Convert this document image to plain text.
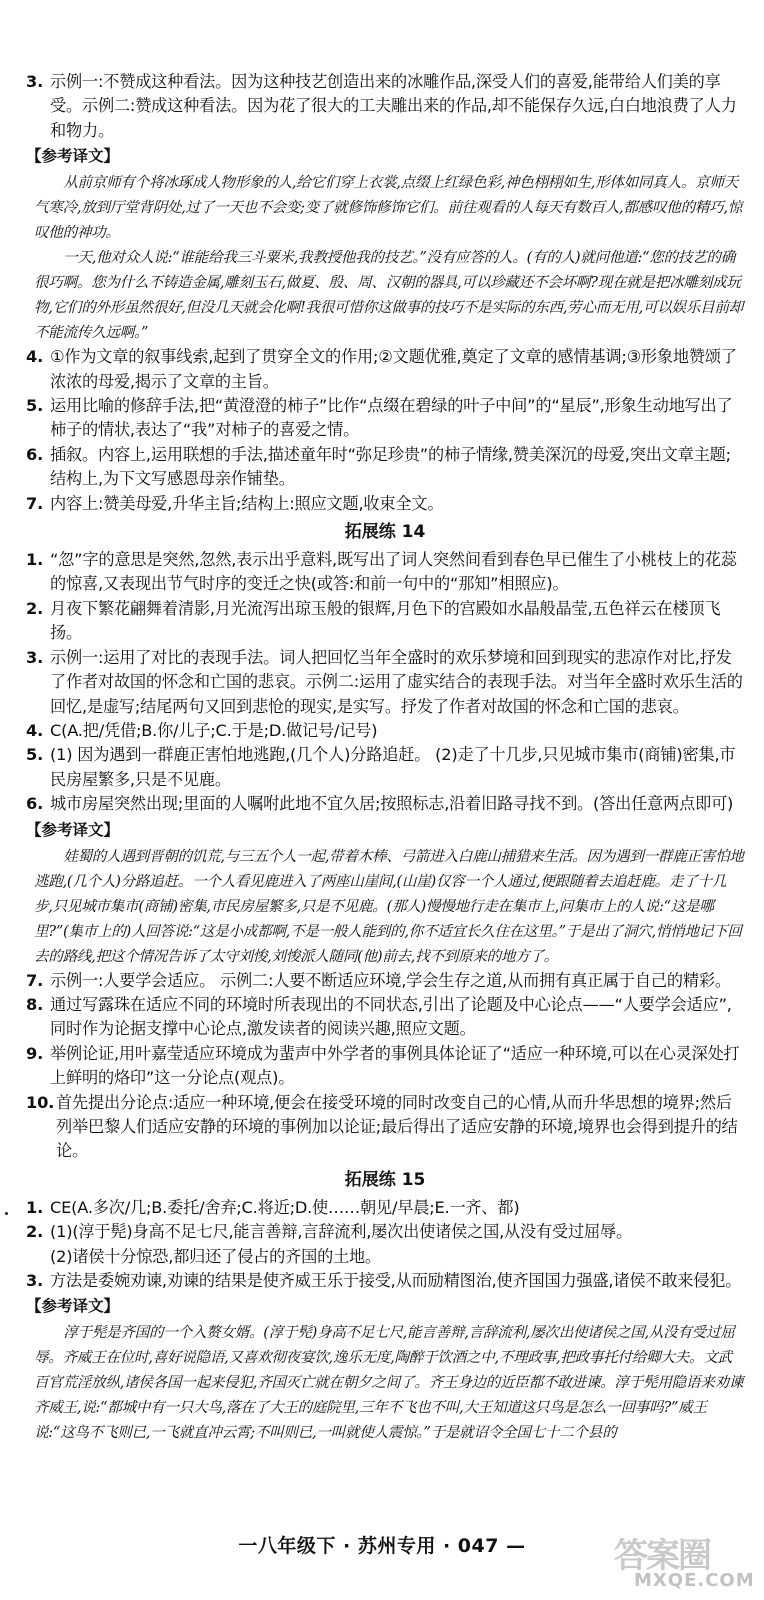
3. 示例一:不赞成这种看法。因为这种技艺创造出来的冰雕作品,深受人们的喜爱,能带给人们美的享受。示例二:赞成这种看法。因为花了很大的工夫雕出来的作品,却不能保存久远,白白地浪费了人力和物力。

【参考译文】

从前京师有个将冰琢成人物形象的人,给它们穿上衣裳,点缀上红绿色彩,神色栩栩如生,形体如同真人。京师天气寒冷,放到厅堂背阴处,过了一天也不会变;变了就修饰修饰它们。前往观看的人每天有数百人,都感叹他的精巧,惊叹他的神功。

一天,他对众人说:“谁能给我三斗粟米,我教授他我的技艺。”没有应答的人。(有的人)就问他道:“您的技艺的确很巧啊。您为什么不铸造金属,雕刻玉石,做夏、殷、周、汉朝的器具,可以珍藏还不会坏啊?现在就是把冰雕刻成玩物,它们的外形虽然很好,但没几天就会化啊!我很可惜你这做事的技巧不是实际的东西,劳心而无用,可以娱乐目前却不能流传久远啊。”

4. ①作为文章的叙事线索,起到了贯穿全文的作用;②文题优雅,奠定了文章的感情基调;③形象地赞颂了浓浓的母爱,揭示了文章的主旨。

5. 运用比喻的修辞手法,把“黄澄澄的柿子”比作“点缀在碧绿的叶子中间”的“星辰”,形象生动地写出了柿子的情状,表达了“我”对柿子的喜爱之情。

6. 插叙。内容上,运用联想的手法,描述童年时“弥足珍贵”的柿子情缘,赞美深沉的母爱,突出文章主题;结构上,为下文写感恩母亲作铺垫。

7. 内容上:赞美母爱,升华主旨;结构上:照应文题,收束全文。

拓展练 14

1. “忽”字的意思是突然,忽然,表示出乎意料,既写出了词人突然间看到春色早已催生了小桃枝上的花蕊的惊喜,又表现出节气时序的变迁之快(或答:和前一句中的“那知”相照应)。

2. 月夜下繁花翩舞着清影,月光流泻出琼玉般的银辉,月色下的宫殿如水晶般晶莹,五色祥云在楼顶飞扬。

3. 示例一:运用了对比的表现手法。词人把回忆当年全盛时的欢乐梦境和回到现实的悲凉作对比,抒发了作者对故国的怀念和亡国的悲哀。示例二:运用了虚实结合的表现手法。对当年全盛时欢乐生活的回忆,是虚写;结尾两句又回到悲怆的现实,是实写。抒发了作者对故国的怀念和亡国的悲哀。

4. C(A.把/凭借;B.你/儿子;C.于是;D.做记号/记号)

5. (1) 因为遇到一群鹿正害怕地逃跑,(几个人)分路追赶。 (2)走了十几步,只见城市集市(商铺)密集,市民房屋繁多,只是不见鹿。

6. 城市房屋突然出现;里面的人嘱咐此地不宜久居;按照标志,沿着旧路寻找不到。(答出任意两点即可)

【参考译文】

娃蜀的人遇到晋朝的饥荒,与三五个人一起,带着木棒、弓箭进入白鹿山捕猎来生活。因为遇到一群鹿正害怕地逃跑,(几个人)分路追赶。一个人看见鹿进入了两座山崖间,(山崖)仅容一个人通过,便跟随着去追赶鹿。走了十几步,只见城市集市(商铺)密集,市民房屋繁多,只是不见鹿。(那人)慢慢地行走在集市上,问集市上的人说:“这是哪里?”(集市上的)人回答说:“这是小成都啊,不是一般人能到的,你不适宜长久住在这里。”于是出了洞穴,悄悄地记下回去的路线,把这个情况告诉了太守刘悛,刘悛派人随同(他)前去,找不到原来的地方了。

7. 示例一:人要学会适应。 示例二:人要不断适应环境,学会生存之道,从而拥有真正属于自己的精彩。

8. 通过写露珠在适应不同的环境时所表现出的不同状态,引出了论题及中心论点——“人要学会适应”,同时作为论据支撑中心论点,激发读者的阅读兴趣,照应文题。

9. 举例论证,用叶嘉莹适应环境成为蜚声中外学者的事例具体论证了“适应一种环境,可以在心灵深处打上鲜明的烙印”这一分论点(观点)。

10. 首先提出分论点:适应一种环境,便会在接受环境的同时改变自己的心情,从而升华思想的境界;然后列举巴黎人们适应安静的环境的事例加以论证;最后得出了适应安静的环境,境界也会得到提升的结论。

拓展练 15

1. CE(A.多次/几;B.委托/舍弃;C.将近;D.使……朝见/早晨;E.一齐、都)

2. (1)(淳于髡)身高不足七尺,能言善辩,言辞流利,屡次出使诸侯之国,从没有受过屈辱。

(2)诸侯十分惊恐,都归还了侵占的齐国的土地。

3. 方法是委婉劝谏,劝谏的结果是使齐威王乐于接受,从而励精图治,使齐国国力强盛,诸侯不敢来侵犯。

【参考译文】

淳于髡是齐国的一个入赘女婿。(淳于髡)身高不足七尺,能言善辩,言辞流利,屡次出使诸侯之国,从没有受过屈辱。齐威王在位时,喜好说隐语,又喜欢彻夜宴饮,逸乐无度,陶醉于饮酒之中,不理政事,把政事托付给卿大夫。文武百官荒淫放纵,诸侯各国一起来侵犯,齐国灭亡就在朝夕之间了。齐王身边的近臣都不敢进谏。淳于髡用隐语来劝谏齐威王,说:“都城中有一只大鸟,落在了大王的庭院里,三年不飞也不叫,大王知道这只鸟是怎么一回事吗?”威王说:“这鸟不飞则已,一飞就直冲云霄;不叫则已,一叫就使人震惊。”于是就诏令全国七十二个县的

一八年级下 · 苏州专用 · 047 —	答案圈
MXQE.COM
